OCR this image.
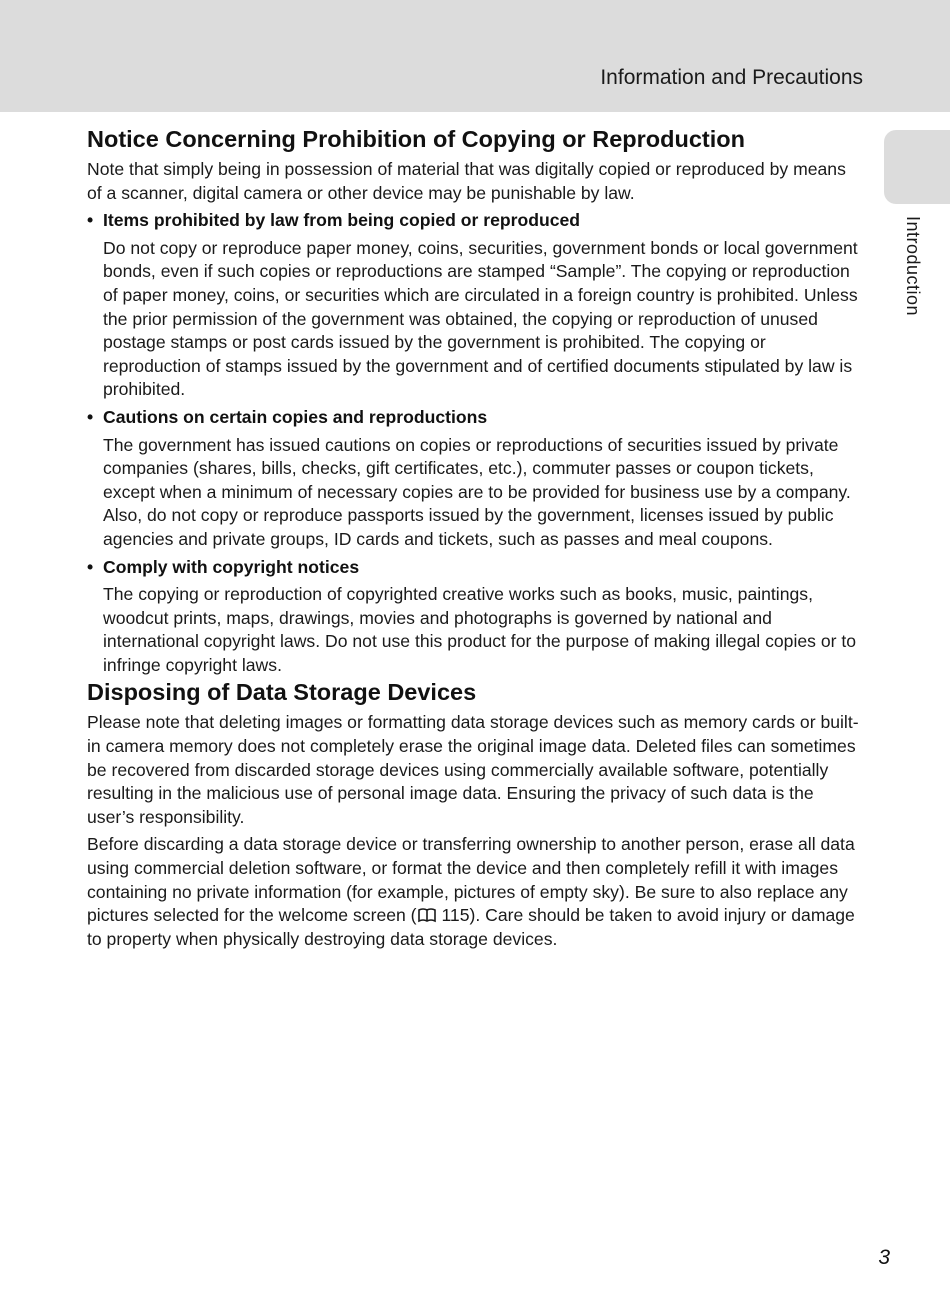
Information and Precautions
Introduction
Notice Concerning Prohibition of Copying or Reproduction

Note that simply being in possession of material that was digitally copied or reproduced by means of a scanner, digital camera or other device may be punishable by law.

• Items prohibited by law from being copied or reproduced

Do not copy or reproduce paper money, coins, securities, government bonds or local government bonds, even if such copies or reproductions are stamped “Sample”. The copying or reproduction of paper money, coins, or securities which are circulated in a foreign country is prohibited. Unless the prior permission of the government was obtained, the copying or reproduction of unused postage stamps or post cards issued by the government is prohibited. The copying or reproduction of stamps issued by the government and of certified documents stipulated by law is prohibited.

• Cautions on certain copies and reproductions

The government has issued cautions on copies or reproductions of securities issued by private companies (shares, bills, checks, gift certificates, etc.), commuter passes or coupon tickets, except when a minimum of necessary copies are to be provided for business use by a company. Also, do not copy or reproduce passports issued by the government, licenses issued by public agencies and private groups, ID cards and tickets, such as passes and meal coupons.

• Comply with copyright notices

The copying or reproduction of copyrighted creative works such as books, music, paintings, woodcut prints, maps, drawings, movies and photographs is governed by national and international copyright laws. Do not use this product for the purpose of making illegal copies or to infringe copyright laws.

Disposing of Data Storage Devices

Please note that deleting images or formatting data storage devices such as memory cards or built-in camera memory does not completely erase the original image data. Deleted files can sometimes be recovered from discarded storage devices using commercially available software, potentially resulting in the malicious use of personal image data. Ensuring the privacy of such data is the user’s responsibility.

Before discarding a data storage device or transferring ownership to another person, erase all data using commercial deletion software, or format the device and then completely refill it with images containing no private information (for example, pictures of empty sky). Be sure to also replace any pictures selected for the welcome screen ( 115). Care should be taken to avoid injury or damage to property when physically destroying data storage devices.

3
